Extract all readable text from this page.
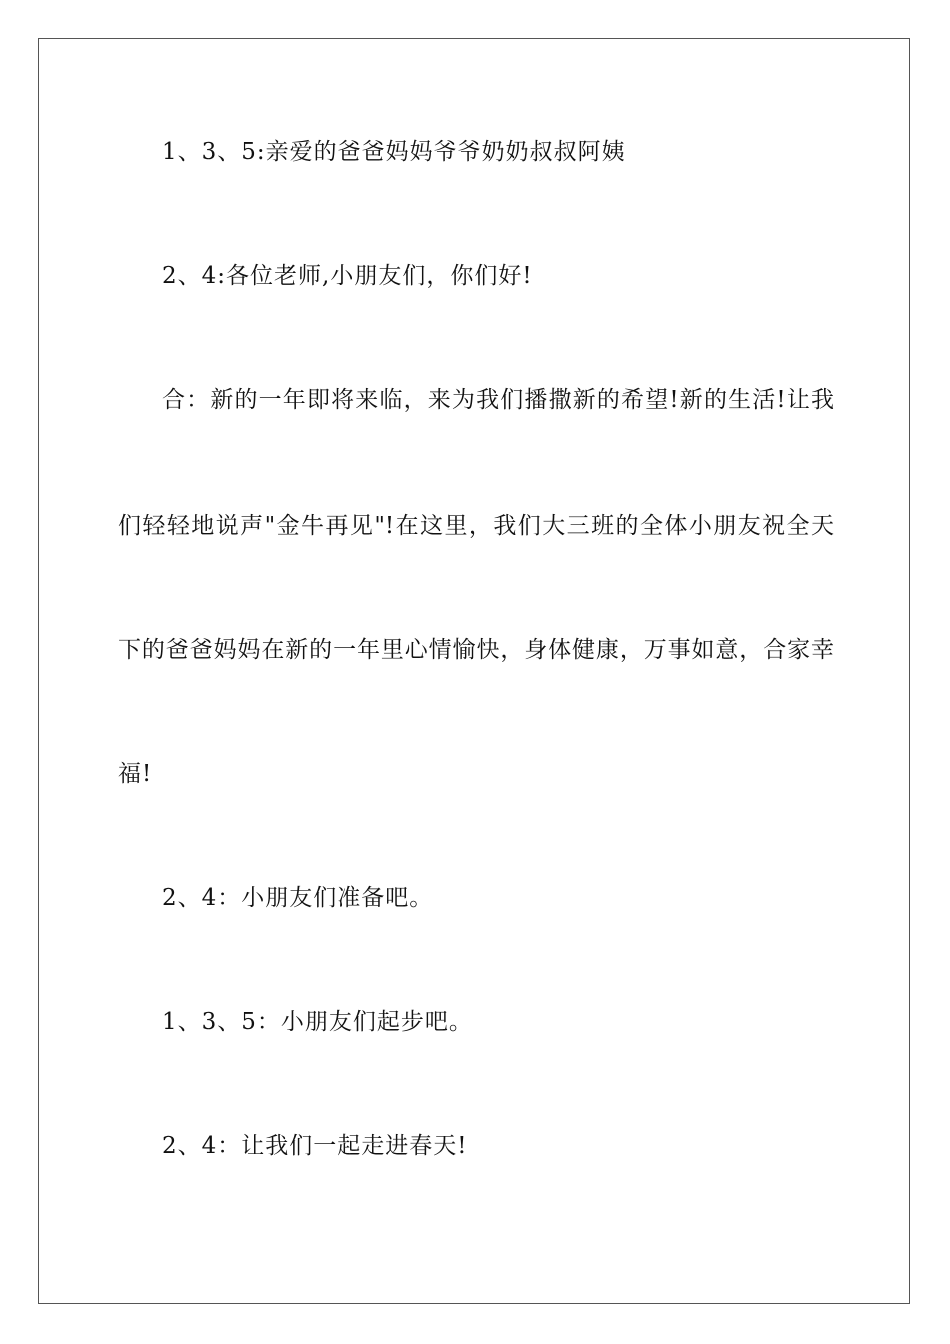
1、3、5:亲爱的爸爸妈妈爷爷奶奶叔叔阿姨
2、4:各位老师,小朋友们，你们好!
合：新的一年即将来临，来为我们播撒新的希望!新的生活!让我
们轻轻地说声"金牛再见"!在这里，我们大三班的全体小朋友祝全天
下的爸爸妈妈在新的一年里心情愉快，身体健康，万事如意，合家幸
福!
2、4：小朋友们准备吧。
1、3、5：小朋友们起步吧。
2、4：让我们一起走进春天!
